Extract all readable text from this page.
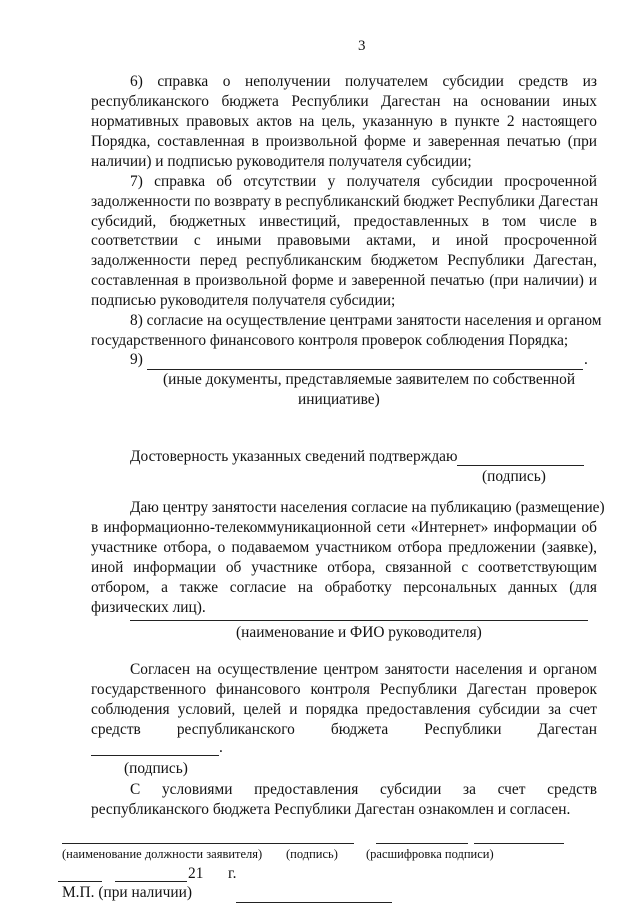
3
6) справка о неполучении получателем субсидии средств из
республиканского бюджета Республики Дагестан на основании иных
нормативных правовых актов на цель, указанную в пункте 2 настоящего
Порядка, составленная в произвольной форме и заверенная печатью (при
наличии) и подписью руководителя получателя субсидии;
7) справка об отсутствии у получателя субсидии просроченной
задолженности по возврату в республиканский бюджет Республики Дагестан
субсидий, бюджетных инвестиций, предоставленных в том числе в
соответствии с иными правовыми актами, и иной просроченной
задолженности перед республиканским бюджетом Республики Дагестан,
составленная в произвольной форме и заверенной печатью (при наличии) и
подписью руководителя получателя субсидии;
8) согласие на осуществление центрами занятости населения и органом
государственного финансового контроля проверок соблюдения Порядка;
9)	.
(иные документы, представляемые заявителем по собственной
инициативе)
Достоверность указанных сведений подтверждаю
(подпись)
Даю центру занятости населения согласие на публикацию (размещение)
в информационно-телекоммуникационной сети «Интернет» информации об
участнике отбора, о подаваемом участником отбора предложении (заявке),
иной информации об участнике отбора, связанной с соответствующим
отбором, а также согласие на обработку персональных данных (для
физических лиц).
(наименование и ФИО руководителя)
Согласен на осуществление центром занятости населения и органом
государственного финансового контроля Республики Дагестан проверок
соблюдения условий, целей и порядка предоставления субсидии за счет
средств республиканского бюджета Республики Дагестан
.
(подпись)
С условиями предоставления субсидии за счет средств
республиканского бюджета Республики Дагестан ознакомлен и согласен.
(наименование должности заявителя) (подпись) (расшифровка подписи)
21 г.
М.П. (при наличии)
